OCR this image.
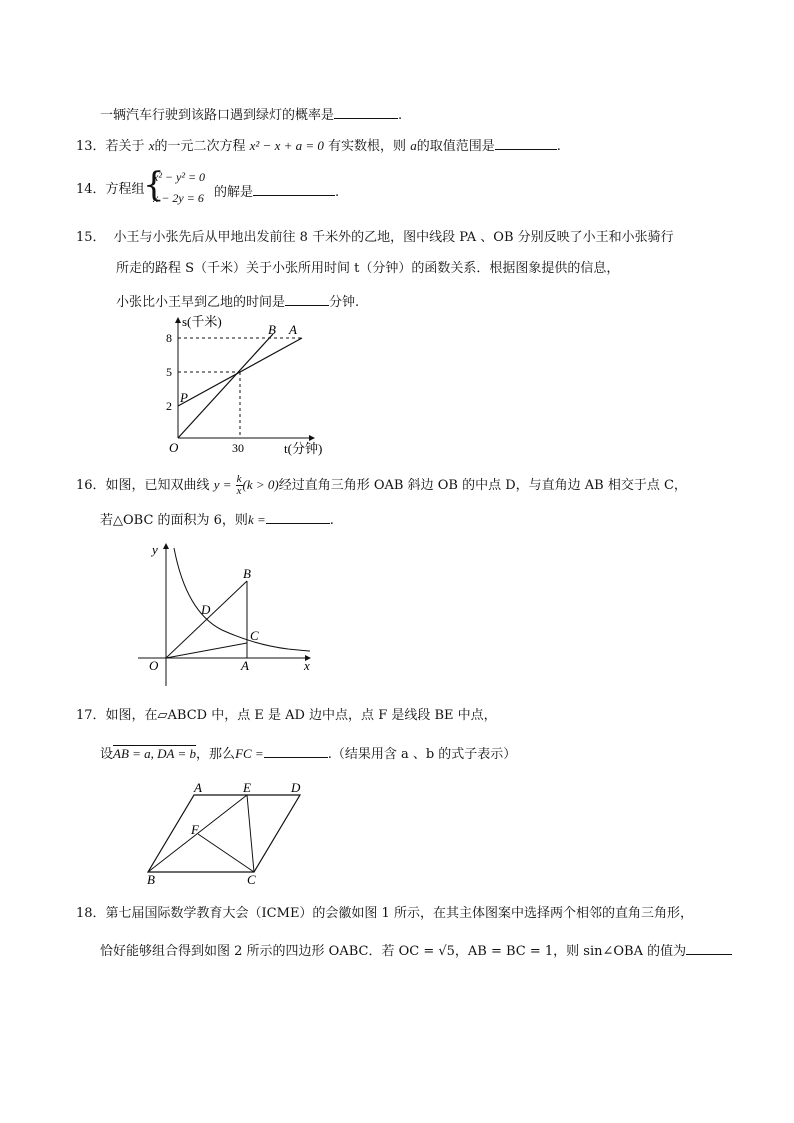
一辆汽车行驶到该路口遇到绿灯的概率是	.
13．若关于 x的一元二次方程 x² − x + a = 0 有实数根，则 a的取值范围是	.
14．方程组
{
x² − y² = 0
x − 2y = 6 的解是	.
15． 小王与小张先后从甲地出发前往 8 千米外的乙地，图中线段 PA 、OB 分别反映了小王和小张骑行
所走的路程 S（千米）关于小张所用时间 t（分钟）的函数关系．根据图象提供的信息，
小张比小王早到乙地的时间是	分钟.
s(千米)
t(分钟)
8
5
2
30
O
P
B A
16．如图，已知双曲线 $y = \frac{k}{x} (k > 0)$经过直角三角形 OAB 斜边 OB 的中点 D，与直角边 AB 相交于点 C，
若△OBC 的面积为 6，则k =	.
y
x
O	A
B
C
D
17．如图，在▱ABCD 中，点 E 是 AD 边中点，点 F 是线段 BE 中点，
设AB = a, DA = b，那么FC =	.（结果用含 a 、b 的式子表示）
A	E	D
F
B	C
18．第七届国际数学教育大会（ICME）的会徽如图 1 所示，在其主体图案中选择两个相邻的直角三角形，
恰好能够组合得到如图 2 所示的四边形 OABC．若 OC = √5，AB = BC = 1，则 sin∠OBA 的值为
